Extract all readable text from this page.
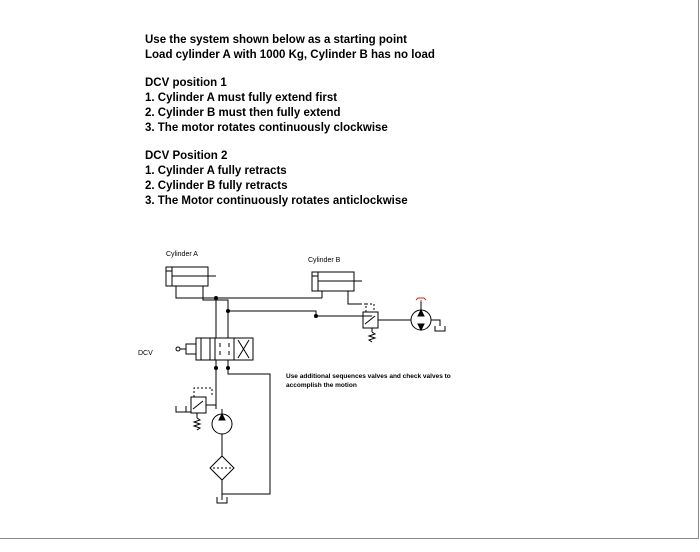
Use the system shown below as a starting point
Load cylinder A with 1000 Kg, Cylinder B has no load
DCV position 1
1. Cylinder A must fully extend first
2. Cylinder B must then fully extend
3. The motor rotates continuously clockwise
DCV Position 2
1. Cylinder A fully retracts
2. Cylinder B fully retracts
3. The Motor continuously rotates anticlockwise
Cylinder A
Cylinder B
DCV
Use additional sequences valves and check valves to
accomplish the motion
